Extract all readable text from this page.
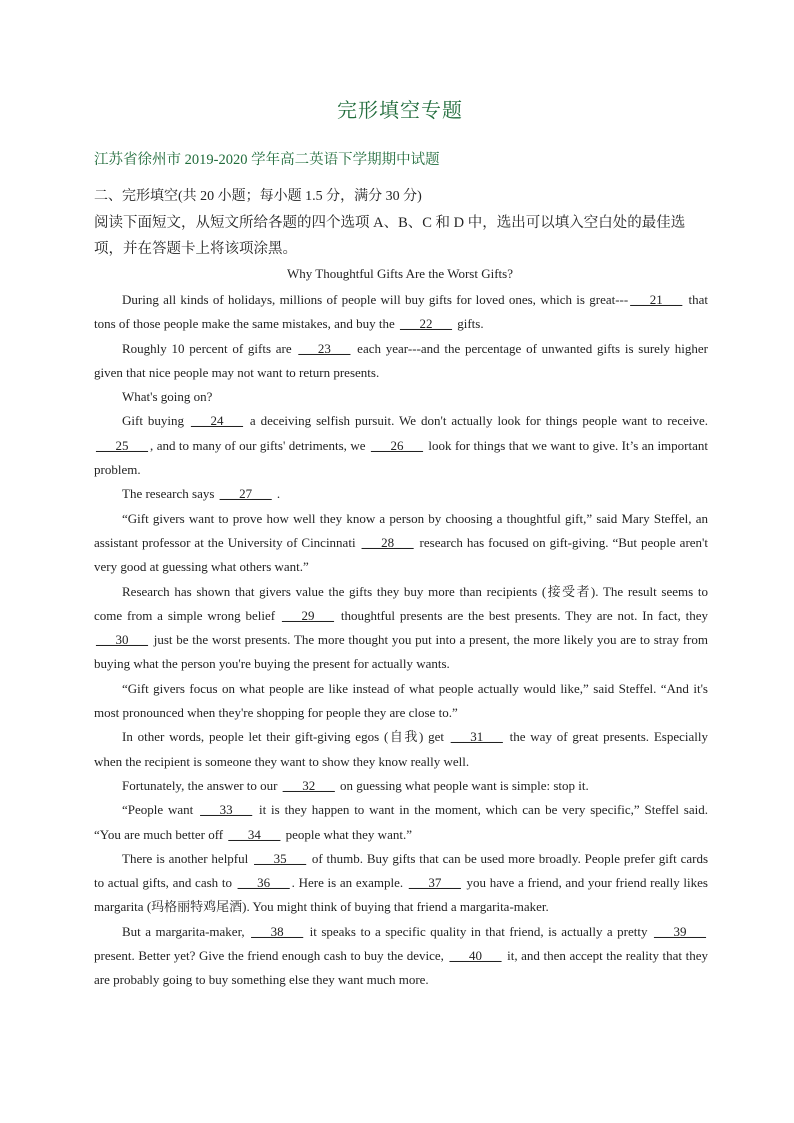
完形填空专题
江苏省徐州市 2019-2020 学年高二英语下学期期中试题
二、完形填空(共 20 小题；每小题 1.5 分，满分 30 分)
阅读下面短文，从短文所给各题的四个选项 A、B、C 和 D 中，选出可以填入空白处的最佳选项，并在答题卡上将该项涂黑。
Why Thoughtful Gifts Are the Worst Gifts?

During all kinds of holidays, millions of people will buy gifts for loved ones, which is great--- ___21___ that tons of those people make the same mistakes, and buy the ___22___ gifts.

Roughly 10 percent of gifts are ___23___ each year---and the percentage of unwanted gifts is surely higher given that nice people may not want to return presents.

What's going on?

Gift buying ___24___ a deceiving selfish pursuit. We don't actually look for things people want to receive. ___25___ , and to many of our gifts' detriments, we ___26___ look for things that we want to give. It’s an important problem.

The research says ___27___ .

“Gift givers want to prove how well they know a person by choosing a thoughtful gift,” said Mary Steffel, an assistant professor at the University of Cincinnati ___28___ research has focused on gift-giving. “But people aren't very good at guessing what others want.”

Research has shown that givers value the gifts they buy more than recipients (接受者). The result seems to come from a simple wrong belief ___29___ thoughtful presents are the best presents. They are not. In fact, they ___30___ just be the worst presents. The more thought you put into a present, the more likely you are to stray from buying what the person you're buying the present for actually wants.

“Gift givers focus on what people are like instead of what people actually would like,” said Steffel. “And it's most pronounced when they're shopping for people they are close to.”

In other words, people let their gift-giving egos (自我) get ___31___ the way of great presents. Especially when the recipient is someone they want to show they know really well.

Fortunately, the answer to our ___32___ on guessing what people want is simple: stop it.

“People want ___33___ it is they happen to want in the moment, which can be very specific,” Steffel said. “You are much better off ___34___ people what they want.”

There is another helpful ___35___ of thumb. Buy gifts that can be used more broadly. People prefer gift cards to actual gifts, and cash to ___36___ . Here is an example. ___37___ you have a friend, and your friend really likes margarita (玛格丽特鸡尾酒). You might think of buying that friend a margarita-maker.

But a margarita-maker, ___38___ it speaks to a specific quality in that friend, is actually a pretty ___39___ present. Better yet? Give the friend enough cash to buy the device, ___40___ it, and then accept the reality that they are probably going to buy something else they want much more.
